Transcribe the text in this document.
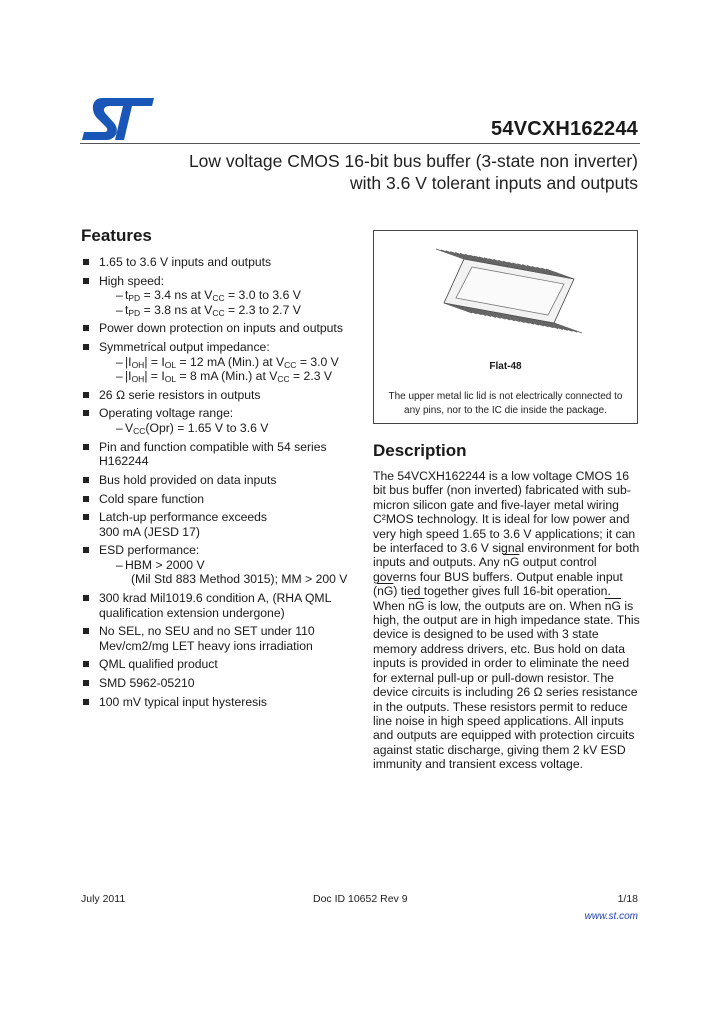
54VCXH162244
Low voltage CMOS 16-bit bus buffer (3-state non inverter)
with 3.6 V tolerant inputs and outputs
Features
1.65 to 3.6 V inputs and outputs
High speed:
– $t_{PD} = 3.4$ ns at $V_{CC} = 3.0$ to 3.6 V
– $t_{PD} = 3.8$ ns at $V_{CC} = 2.3$ to 2.7 V
Power down protection on inputs and outputs
Symmetrical output impedance:
– $|I_{OH}| = I_{OL} = 12$ mA (Min.) at $V_{CC} = 3.0$ V
– $|I_{OH}| = I_{OL} = 8$ mA (Min.) at $V_{CC} = 2.3$ V
26 Ω serie resistors in outputs
Operating voltage range:
– $V_{CC}(Opr) = 1.65$ V to 3.6 V
Pin and function compatible with 54 series
H162244
Bus hold provided on data inputs
Cold spare function
Latch-up performance exceeds
300 mA (JESD 17)
ESD performance:
– HBM > 2000 V
(Mil Std 883 Method 3015); MM > 200 V
300 krad Mil1019.6 condition A, (RHA QML
qualification extension undergone)
No SEL, no SEU and no SET under 110
Mev/cm2/mg LET heavy ions irradiation
QML qualified product
SMD 5962-05210
100 mV typical input hysteresis
Flat-48
The upper metal lic lid is not electrically connected to any pins, nor to the IC die inside the package.
Description
The 54VCXH162244 is a low voltage CMOS 16 bit bus buffer (non inverted) fabricated with sub-micron silicon gate and five-layer metal wiring C²MOS technology. It is ideal for low power and very high speed 1.65 to 3.6 V applications; it can be interfaced to 3.6 V signal environment for both inputs and outputs. Any $\overline{nG}$ output control governs four BUS buffers. Output enable input $(\overline{nG})$ tied together gives full 16-bit operation. When $\overline{nG}$ is low, the outputs are on. When $\overline{nG}$ is high, the output are in high impedance state. This device is designed to be used with 3 state memory address drivers, etc. Bus hold on data inputs is provided in order to eliminate the need for external pull-up or pull-down resistor. The device circuits is including 26 Ω series resistance in the outputs. These resistors permit to reduce line noise in high speed applications. All inputs and outputs are equipped with protection circuits against static discharge, giving them 2 kV ESD immunity and transient excess voltage.
July 2011	Doc ID 10652 Rev 9	1/18
www.st.com
